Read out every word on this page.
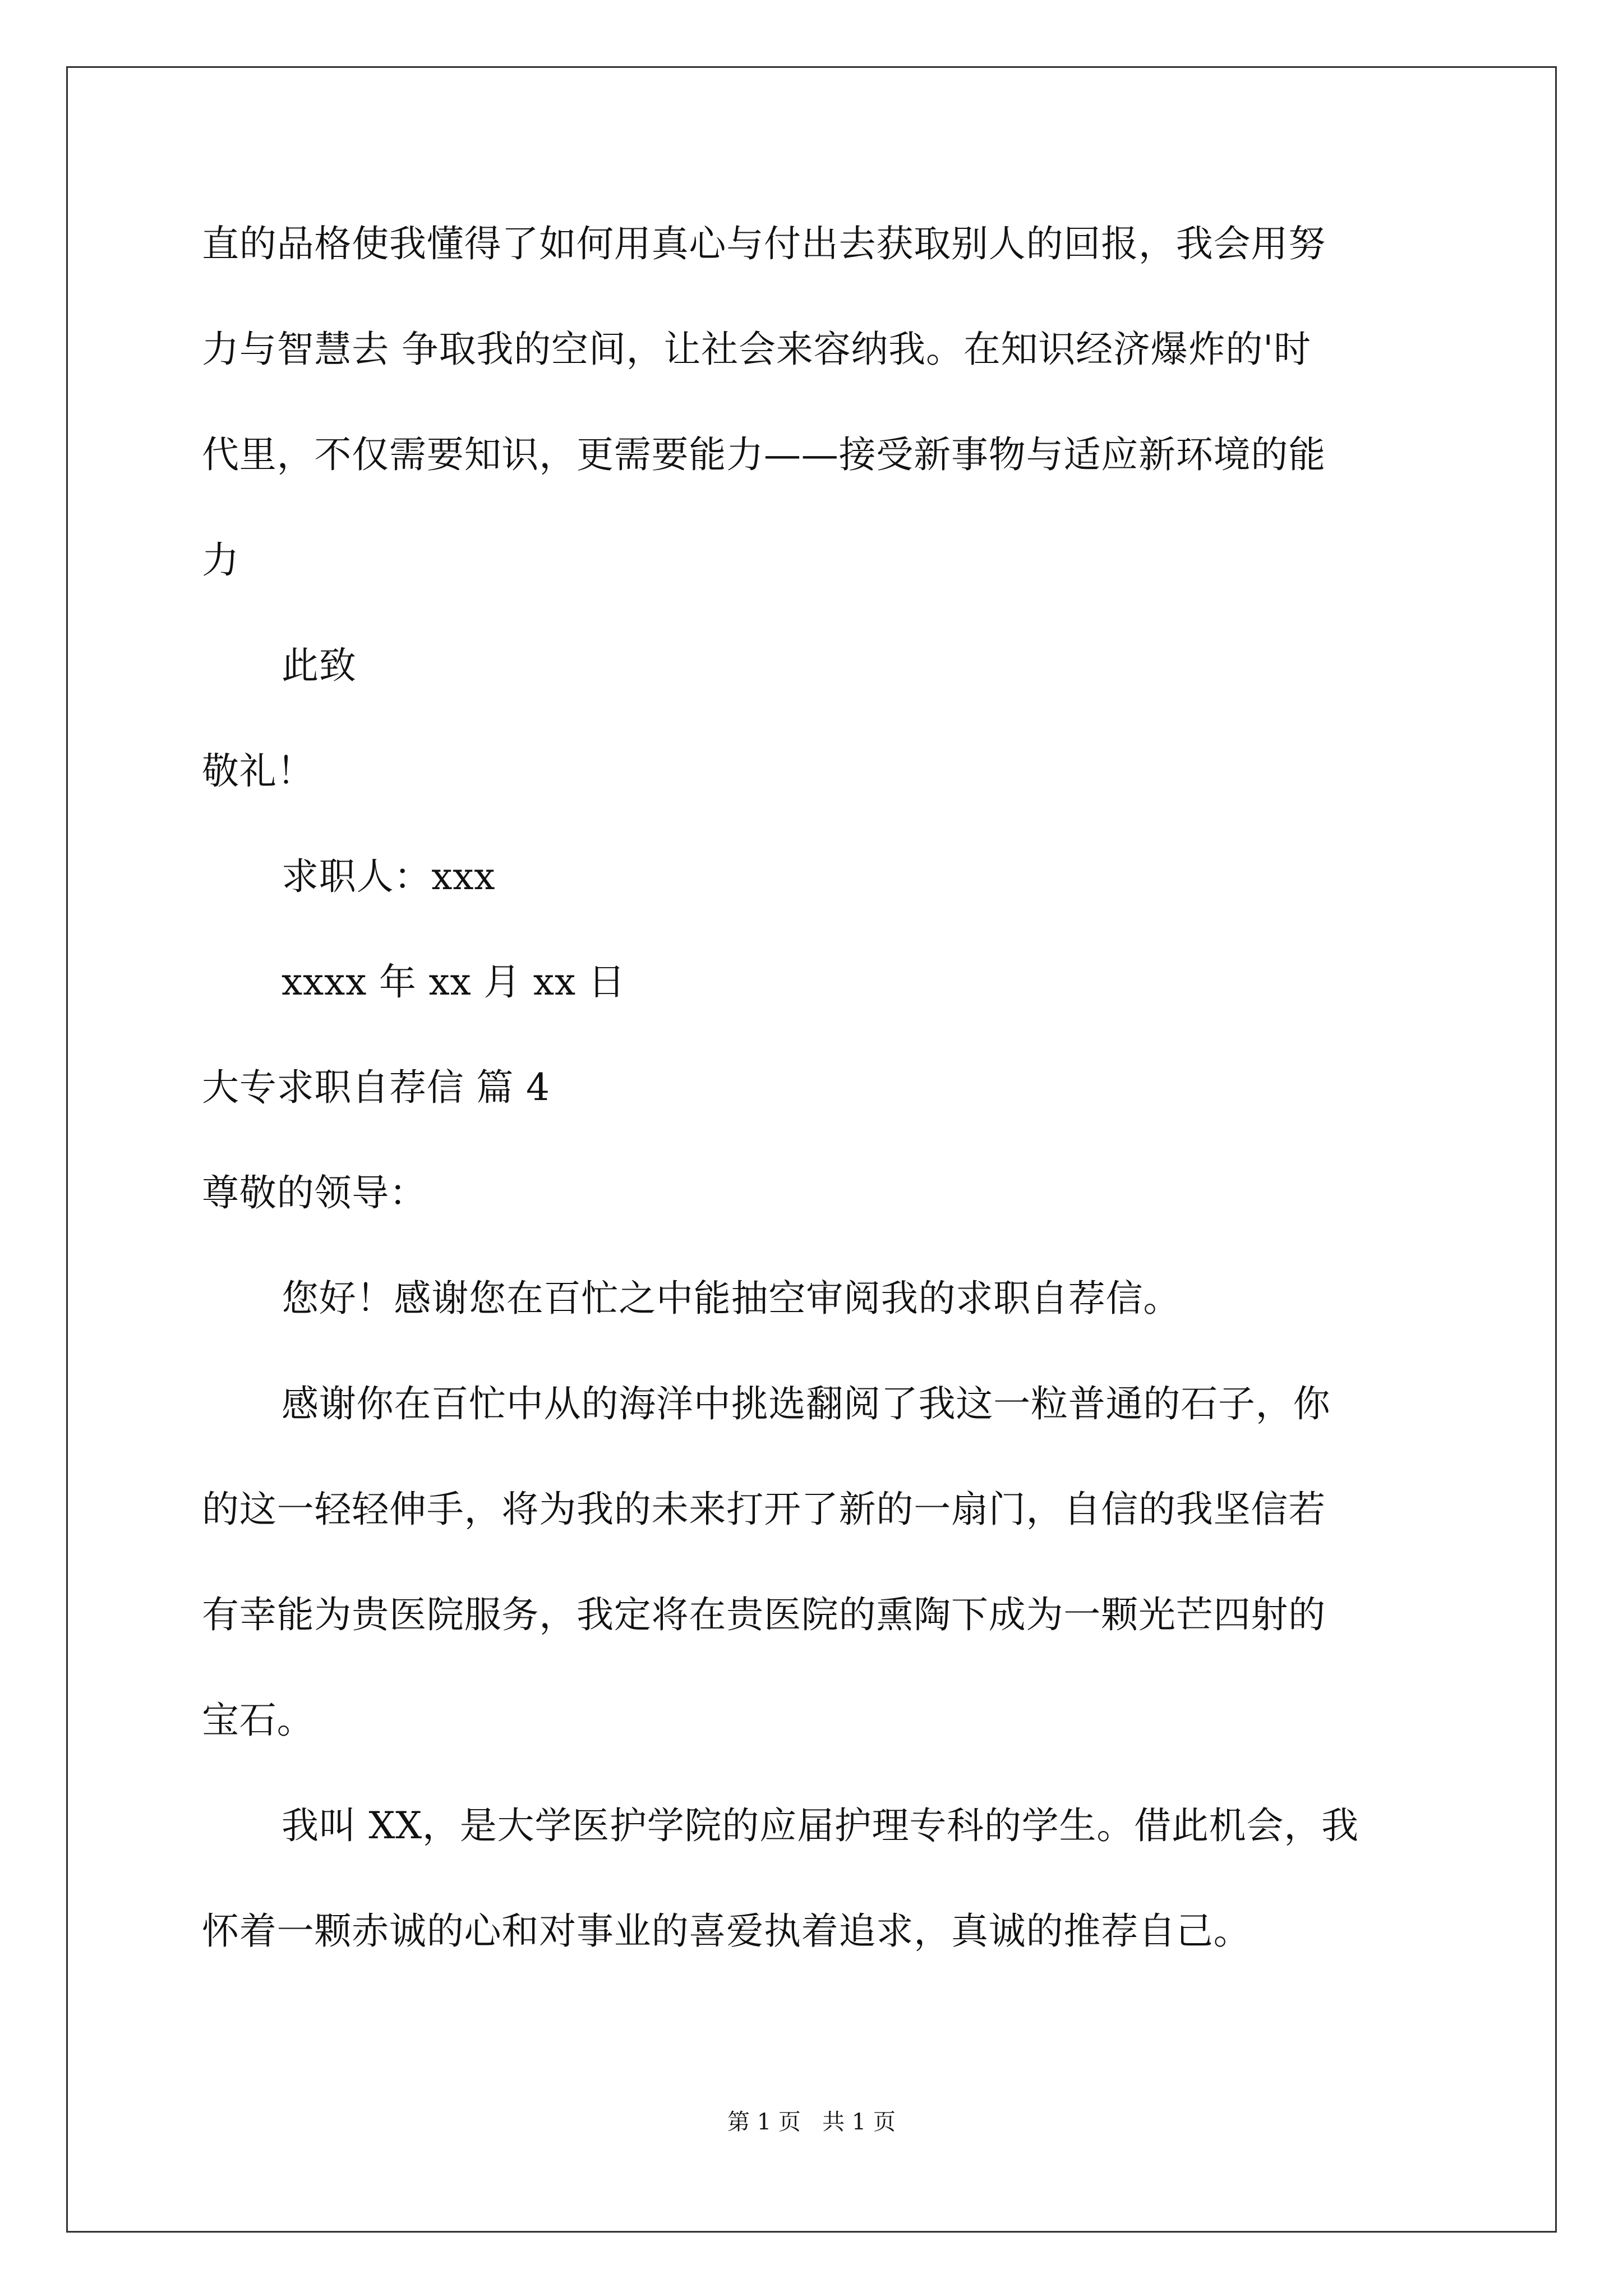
直的品格使我懂得了如何用真心与付出去获取别人的回报，我会用努
力与智慧去 争取我的空间，让社会来容纳我。在知识经济爆炸的'时
代里，不仅需要知识，更需要能力——接受新事物与适应新环境的能
力
此致
敬礼！
求职人：xxx
xxxx 年 xx 月 xx 日
大专求职自荐信 篇 4
尊敬的领导：
您好！感谢您在百忙之中能抽空审阅我的求职自荐信。
感谢你在百忙中从的海洋中挑选翻阅了我这一粒普通的石子，你
的这一轻轻伸手，将为我的未来打开了新的一扇门，自信的我坚信若
有幸能为贵医院服务，我定将在贵医院的熏陶下成为一颗光芒四射的
宝石。
我叫 XX，是大学医护学院的应届护理专科的学生。借此机会，我
怀着一颗赤诚的心和对事业的喜爱执着追求，真诚的推荐自己。
第 1 页   共 1 页
